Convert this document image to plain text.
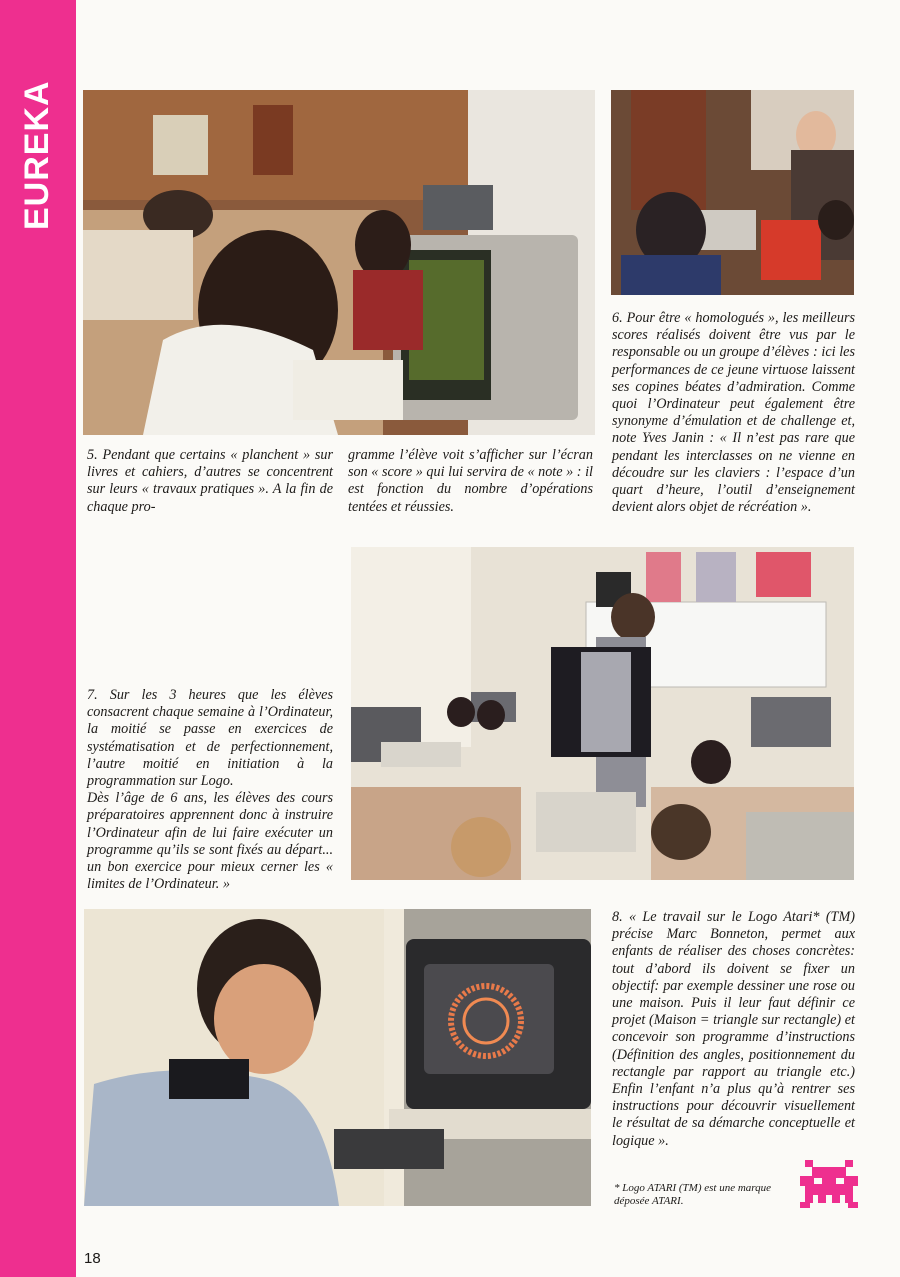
EUREKA
5. Pendant que certains « planchent » sur livres et cahiers, d’autres se concentrent sur leurs « travaux pratiques ». A la fin de chaque pro-
gramme l’élève voit s’afficher sur l’écran son « score » qui lui servira de « note » : il est fonction du nombre d’opérations tentées et réussies.
6. Pour être « homologués », les meilleurs scores réalisés doivent être vus par le responsable ou un groupe d’élèves : ici les performances de ce jeune virtuose laissent ses copines béates d’admiration. Comme quoi l’Ordinateur peut également être synonyme d’émulation et de challenge et, note Yves Janin : « Il n’est pas rare que pendant les interclasses on ne vienne en découdre sur les claviers : l’espace d’un quart d’heure, l’outil d’enseignement devient alors objet de récréation ».
7. Sur les 3 heures que les élèves consacrent chaque semaine à l’Ordinateur, la moitié se passe en exercices de systématisation et de perfectionnement, l’autre moitié en initiation à la programmation sur Logo.
Dès l’âge de 6 ans, les élèves des cours préparatoires apprennent donc à instruire l’Ordinateur afin de lui faire exécuter un programme qu’ils se sont fixés au départ... un bon exercice pour mieux cerner les « limites de l’Ordinateur. »
8. « Le travail sur le Logo Atari* (TM) précise Marc Bonneton, permet aux enfants de réaliser des choses concrètes: tout d’abord ils doivent se fixer un objectif: par exemple dessiner une rose ou une maison. Puis il leur faut définir ce projet (Maison = triangle sur rectangle) et concevoir son programme d’instructions (Définition des angles, positionnement du rectangle par rapport au triangle etc.) Enfin l’enfant n’a plus qu’à rentrer ses instructions pour découvrir visuellement le résultat de sa démarche conceptuelle et logique ».
* Logo ATARI (TM) est une marque déposée ATARI.
18
